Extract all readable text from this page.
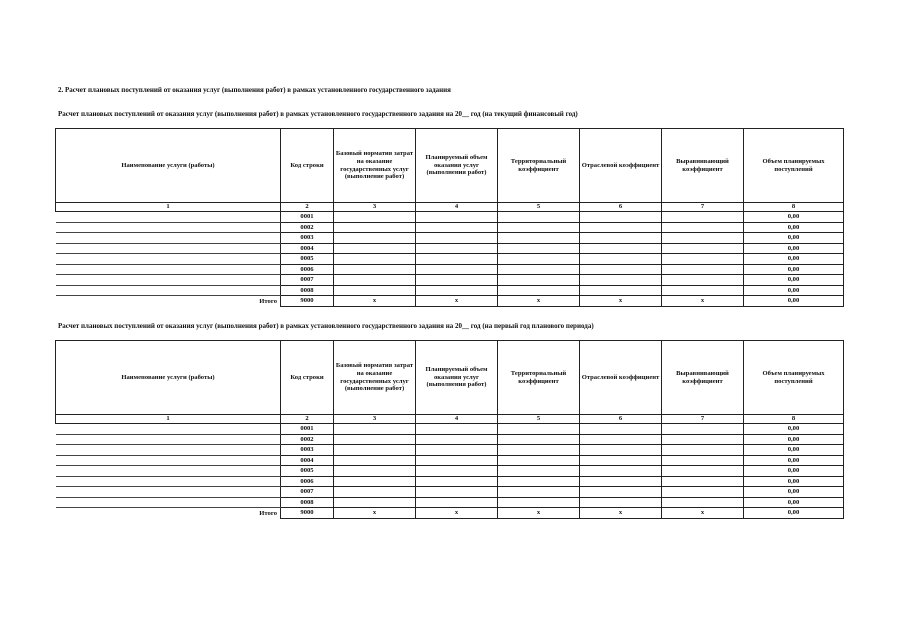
2. Расчет плановых поступлений от оказания услуг (выполнения работ) в рамках установленного государственного задания
Расчет плановых поступлений от оказания услуг (выполнения работ) в рамках установленного государственного задания на 20__ год (на текущий финансовый год)
Наименование услуги (работы)	Код строки	Базовый норматив затрат на оказание государственных услуг (выполнение работ)	Планируемый объем оказания услуг (выполнения работ)	Территориальный коэффициент	Отраслевой коэффициент	Выравнивающий коэффициент	Объем планируемых поступлений
1	2	3	4	5	6	7	8
	0001						0,00
	0002						0,00
	0003						0,00
	0004						0,00
	0005						0,00
	0006						0,00
	0007						0,00
	0008						0,00
Итого	9000	x	x	x	x	x	0,00
Расчет плановых поступлений от оказания услуг (выполнения работ) в рамках установленного государственного задания на 20__ год (на первый год планового периода)
Наименование услуги (работы)	Код строки	Базовый норматив затрат на оказание государственных услуг (выполнение работ)	Планируемый объем оказания услуг (выполнения работ)	Территориальный коэффициент	Отраслевой коэффициент	Выравнивающий коэффициент	Объем планируемых поступлений
1	2	3	4	5	6	7	8
	0001						0,00
	0002						0,00
	0003						0,00
	0004						0,00
	0005						0,00
	0006						0,00
	0007						0,00
	0008						0,00
Итого	9000	x	x	x	x	x	0,00
